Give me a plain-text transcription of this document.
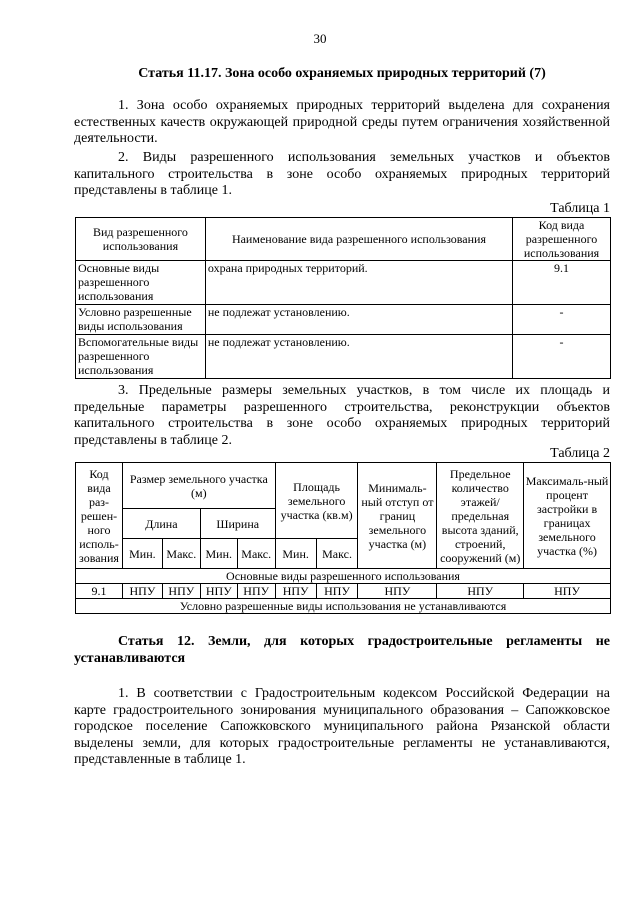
30
Статья 11.17. Зона особо охраняемых природных территорий (7)
1. Зона особо охраняемых природных территорий выделена для сохранения естественных качеств окружающей природной среды путем ограничения хозяйственной деятельности.
2. Виды разрешенного использования земельных участков и объектов капитального строительства в зоне особо охраняемых природных территорий представлены в таблице 1.
Таблица 1
Вид разрешенного использования	Наименование вида разрешенного использования	Код вида разрешенного использования
Основные виды разрешенного использования	охрана природных территорий.	9.1
Условно разрешенные виды использования	не подлежат установлению.	-
Вспомогательные виды разрешенного использования	не подлежат установлению.	-
3. Предельные размеры земельных участков, в том числе их площадь и предельные параметры разрешенного строительства, реконструкции объектов капитального строительства в зоне особо охраняемых природных территорий представлены в таблице 2.
Таблица 2
Код вида раз-решен-ного исполь-зования	Размер земельного участка (м)				Площадь земельного участка (кв.м)		Минималь-ный отступ от границ земельного участка (м)	Предельное количество этажей/ предельная высота зданий, строений, сооружений (м)	Максималь-ный процент застройки в границах земельного участка (%)
	Длина		Ширина						
	Мин.	Макс.	Мин.	Макс.	Мин.	Макс.			
Основные виды разрешенного использования									
9.1	НПУ	НПУ	НПУ	НПУ	НПУ	НПУ	НПУ	НПУ	НПУ
Условно разрешенные виды использования не устанавливаются									
Статья 12. Земли, для которых градостроительные регламенты не устанавливаются
1. В соответствии с Градостроительным кодексом Российской Федерации на карте градостроительного зонирования муниципального образования – Сапожковское городское поселение Сапожковского муниципального района Рязанской области выделены земли, для которых градостроительные регламенты не устанавливаются, представленные в таблице 1.
